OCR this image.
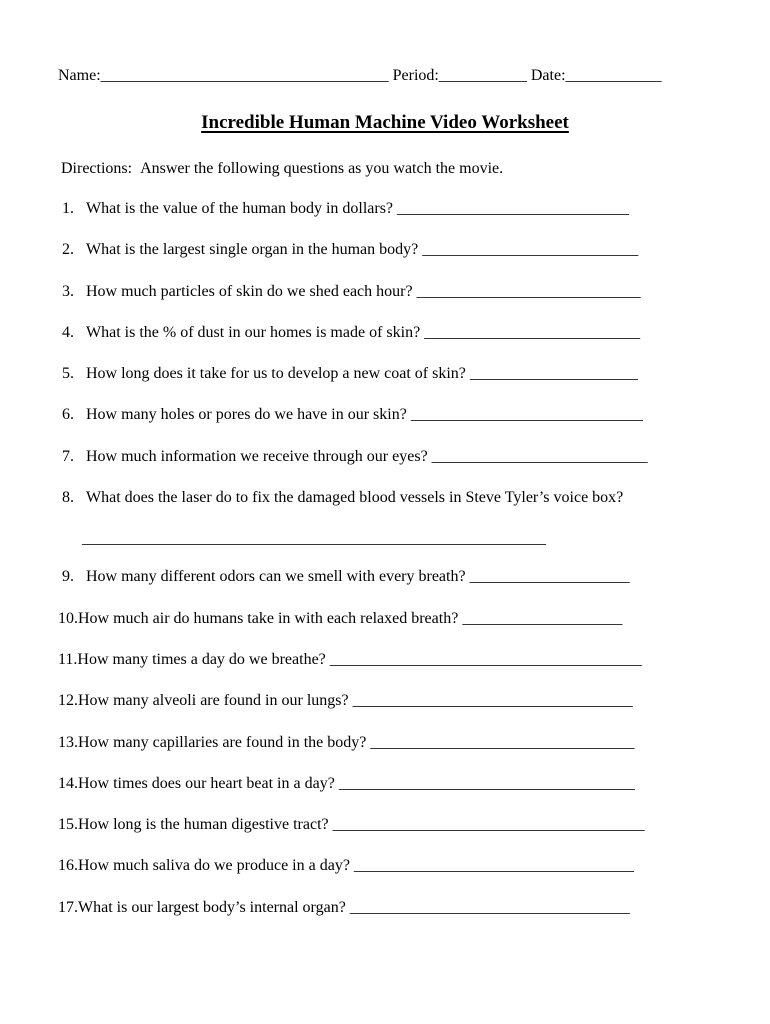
Name:____________________________________ Period:___________ Date:____________
Incredible Human Machine Video Worksheet

Directions:  Answer the following questions as you watch the movie.

1.   What is the value of the human body in dollars? _____________________________

2.   What is the largest single organ in the human body? ___________________________

3.   How much particles of skin do we shed each hour? ____________________________

4.   What is the % of dust in our homes is made of skin? ___________________________

5.   How long does it take for us to develop a new coat of skin? _____________________

6.   How many holes or pores do we have in our skin? _____________________________

7.   How much information we receive through our eyes? ___________________________

8.   What does the laser do to fix the damaged blood vessels in Steve Tyler’s voice box?

__________________________________________________________

9.   How many different odors can we smell with every breath? ____________________

10.How much air do humans take in with each relaxed breath? ____________________

11.How many times a day do we breathe? _______________________________________

12.How many alveoli are found in our lungs? ___________________________________

13.How many capillaries are found in the body? _________________________________

14.How times does our heart beat in a day? _____________________________________

15.How long is the human digestive tract? _______________________________________

16.How much saliva do we produce in a day? ___________________________________

17.What is our largest body’s internal organ? ___________________________________
